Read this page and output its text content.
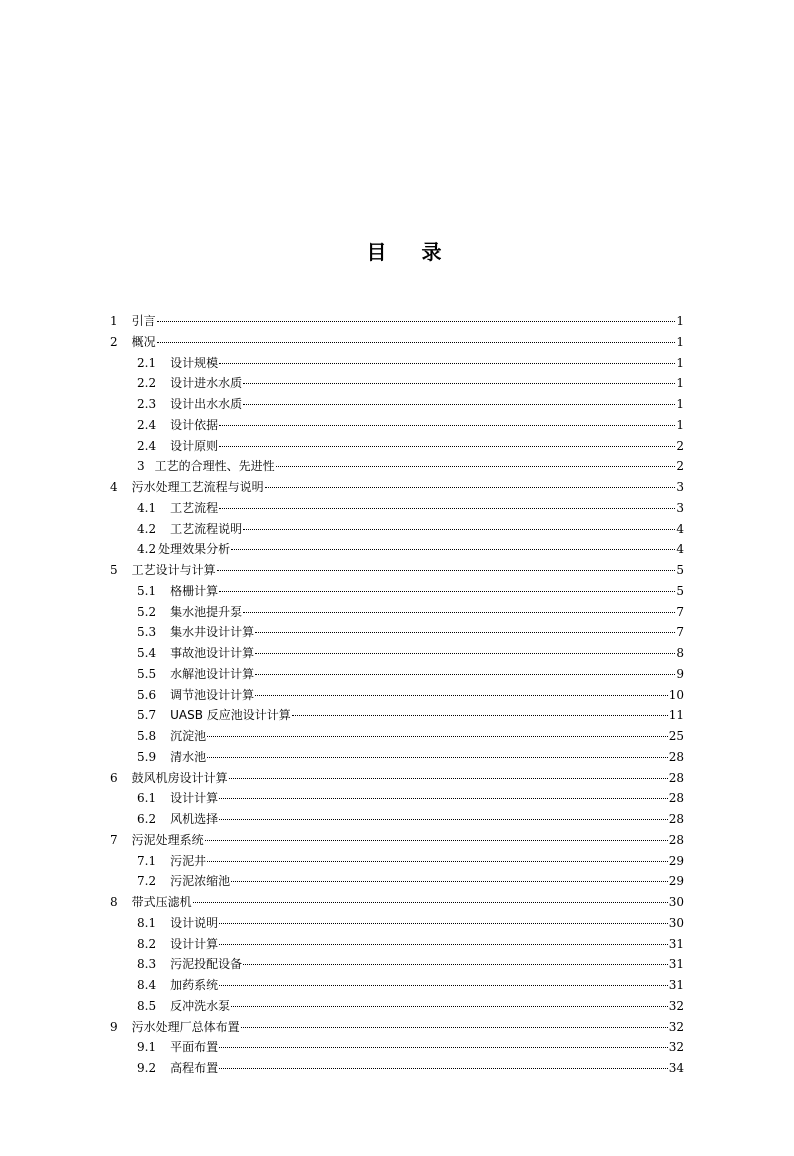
目 录
1 引言	1
2 概况	1
2.1 设计规模	1
2.2 设计进水水质	1
2.3 设计出水水质	1
2.4 设计依据	1
2.4 设计原则	2
3 工艺的合理性、先进性	2
4 污水处理工艺流程与说明	3
4.1 工艺流程	3
4.2 工艺流程说明	4
4.2 处理效果分析	4
5 工艺设计与计算	5
5.1 格栅计算	5
5.2 集水池提升泵	7
5.3 集水井设计计算	7
5.4 事故池设计计算	8
5.5 水解池设计计算	9
5.6 调节池设计计算	10
5.7 UASB 反应池设计计算	11
5.8 沉淀池	25
5.9 清水池	28
6 鼓风机房设计计算	28
6.1 设计计算	28
6.2 风机选择	28
7 污泥处理系统	28
7.1 污泥井	29
7.2 污泥浓缩池	29
8 带式压滤机	30
8.1 设计说明	30
8.2 设计计算	31
8.3 污泥投配设备	31
8.4 加药系统	31
8.5 反冲洗水泵	32
9 污水处理厂总体布置	32
9.1 平面布置	32
9.2 高程布置	34
